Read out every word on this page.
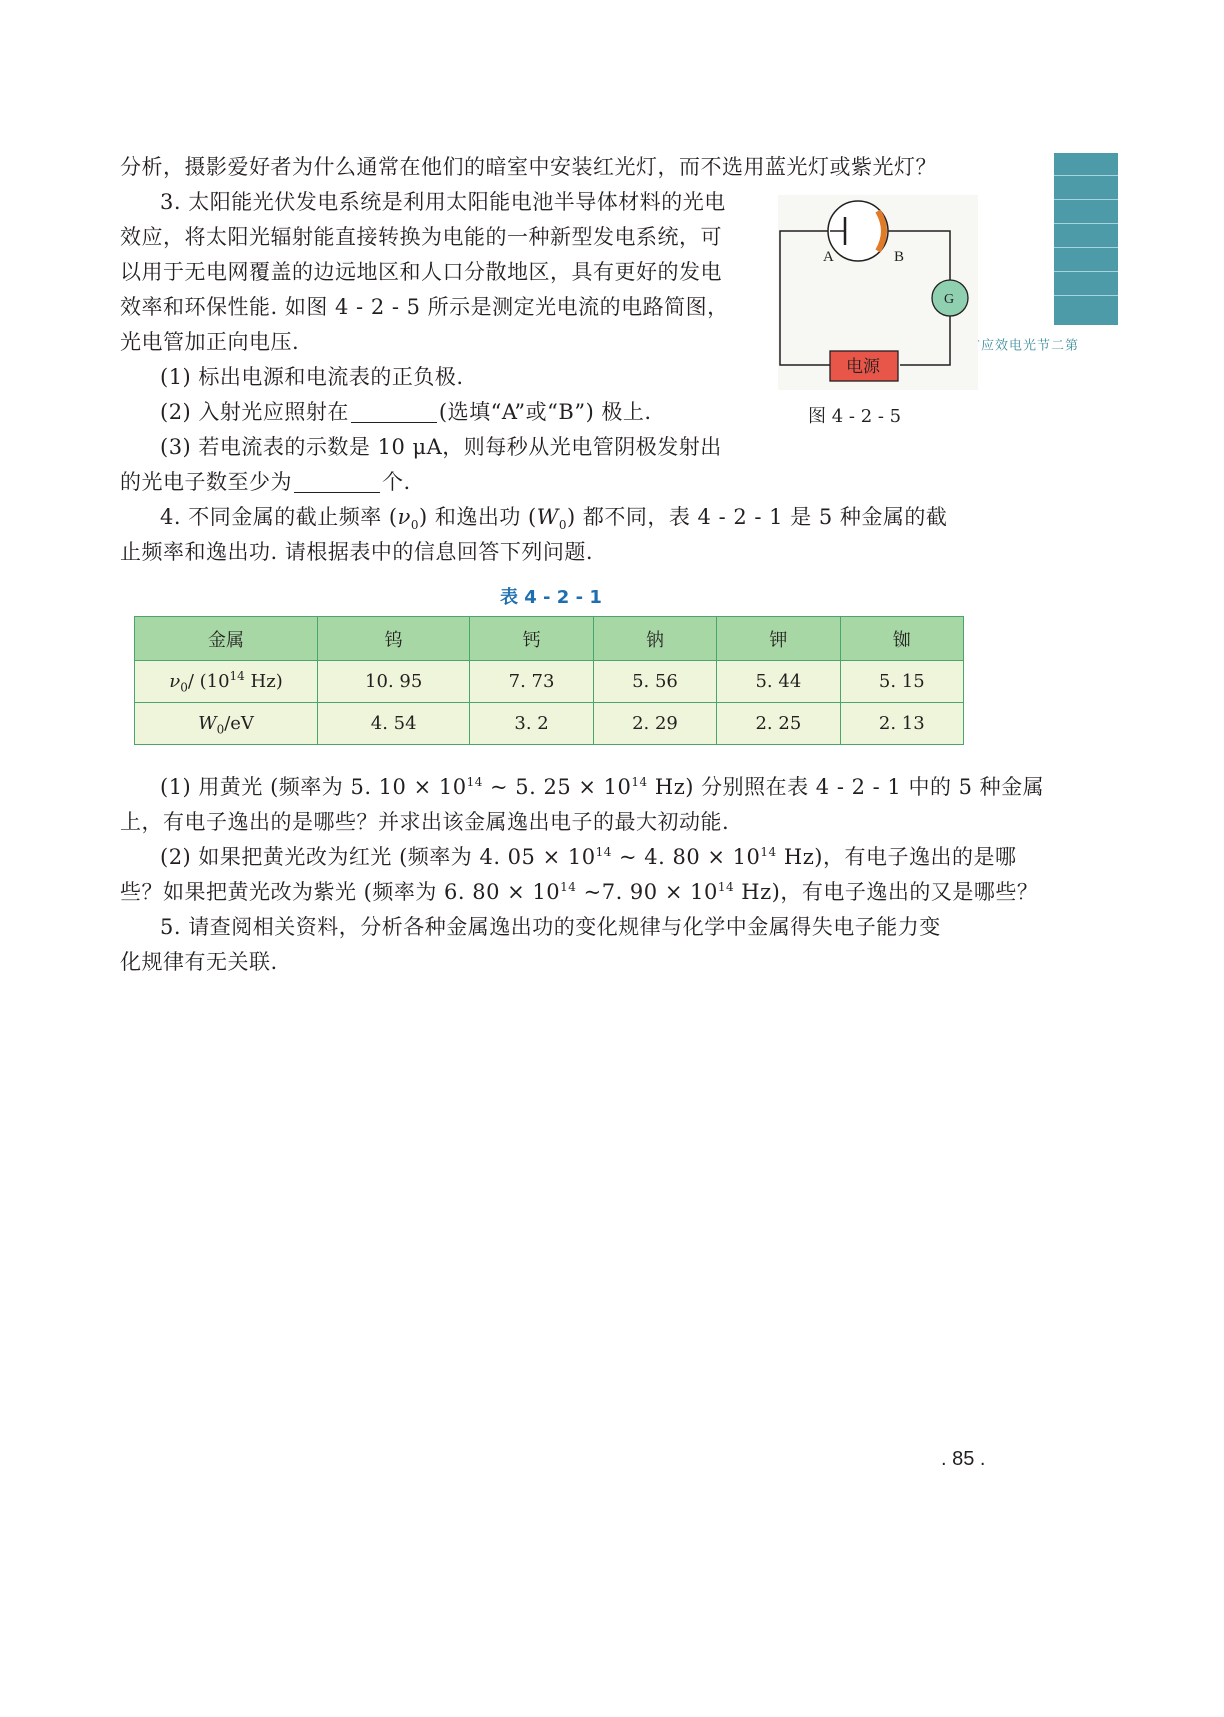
第
二
节
光
电
效
应
分析，摄影爱好者为什么通常在他们的暗室中安装红光灯，而不选用蓝光灯或紫光灯？
3. 太阳能光伏发电系统是利用太阳能电池半导体材料的光电
效应，将太阳光辐射能直接转换为电能的一种新型发电系统，可
以用于无电网覆盖的边远地区和人口分散地区，具有更好的发电
效率和环保性能. 如图 4 - 2 - 5 所示是测定光电流的电路简图，
光电管加正向电压.
(1) 标出电源和电流表的正负极.
(2) 入射光应照射在	(选填“A”或“B”) 极上.
(3) 若电流表的示数是 10 μA，则每秒从光电管阴极发射出
的光电子数至少为	个.
4. 不同金属的截止频率 $(\nu_0)$ 和逸出功 $(W_0)$ 都不同，表 4 - 2 - 1 是 5 种金属的截
止频率和逸出功. 请根据表中的信息回答下列问题.
A	B
G
电源
图 4 - 2 - 5
表 4 - 2 - 1
金属	钨	钙	钠	钾	铷
$\nu_0/$ ($10^{14}$ Hz)	10. 95	7. 73	5. 56	5. 44	5. 15
$W_0/eV$	4. 54	3. 2	2. 29	2. 25	2. 13
(1) 用黄光 (频率为 5. $10 \times 10^{14}$ ~ 5. $25 \times 10^{14}$ Hz) 分别照在表 4 - 2 - 1 中的 5 种金属
上，有电子逸出的是哪些？并求出该金属逸出电子的最大初动能.
(2) 如果把黄光改为红光 (频率为 4. $05 \times 10^{14}$ ~ 4. $80 \times 10^{14}$ Hz)，有电子逸出的是哪
些？如果把黄光改为紫光 (频率为 6. $80 \times 10^{14}$ ~7. $90 \times 10^{14}$ Hz)，有电子逸出的又是哪些？
5. 请查阅相关资料，分析各种金属逸出功的变化规律与化学中金属得失电子能力变
化规律有无关联.
. 85 .
